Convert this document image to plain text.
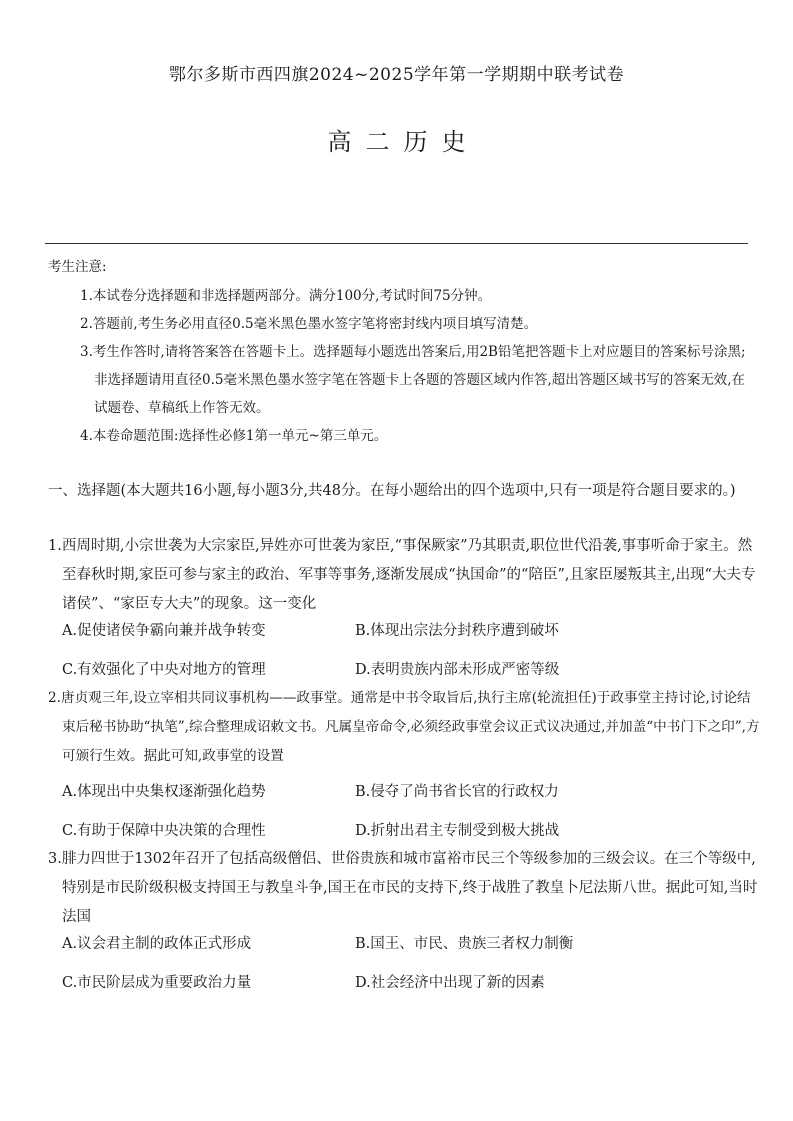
鄂尔多斯市西四旗2024~2025学年第一学期期中联考试卷
高二历史
考生注意:

1.本试卷分选择题和非选择题两部分。满分100分,考试时间75分钟。

2.答题前,考生务必用直径0.5毫米黑色墨水签字笔将密封线内项目填写清楚。

3.考生作答时,请将答案答在答题卡上。选择题每小题选出答案后,用2B铅笔把答题卡上对应题目的答案标号涂黑;非选择题请用直径0.5毫米黑色墨水签字笔在答题卡上各题的答题区域内作答,超出答题区域书写的答案无效,在试题卷、草稿纸上作答无效。

4.本卷命题范围:选择性必修1第一单元~第三单元。

一、选择题(本大题共16小题,每小题3分,共48分。在每小题给出的四个选项中,只有一项是符合题目要求的。)

1.西周时期,小宗世袭为大宗家臣,异姓亦可世袭为家臣,“事保厥家”乃其职责,职位世代沿袭,事事听命于家主。然至春秋时期,家臣可参与家主的政治、军事等事务,逐渐发展成“执国命”的“陪臣”,且家臣屡叛其主,出现“大夫专诸侯”、“家臣专大夫”的现象。这一变化

A.促使诸侯争霸向兼并战争转变	B.体现出宗法分封秩序遭到破坏
C.有效强化了中央对地方的管理	D.表明贵族内部未形成严密等级

2.唐贞观三年,设立宰相共同议事机构——政事堂。通常是中书令取旨后,执行主席(轮流担任)于政事堂主持讨论,讨论结束后秘书协助“执笔”,综合整理成诏敕文书。凡属皇帝命令,必须经政事堂会议正式议决通过,并加盖“中书门下之印”,方可颁行生效。据此可知,政事堂的设置

A.体现出中央集权逐渐强化趋势	B.侵夺了尚书省长官的行政权力
C.有助于保障中央决策的合理性	D.折射出君主专制受到极大挑战

3.腓力四世于1302年召开了包括高级僧侣、世俗贵族和城市富裕市民三个等级参加的三级会议。在三个等级中,特别是市民阶级积极支持国王与教皇斗争,国王在市民的支持下,终于战胜了教皇卜尼法斯八世。据此可知,当时法国

A.议会君主制的政体正式形成	B.国王、市民、贵族三者权力制衡
C.市民阶层成为重要政治力量	D.社会经济中出现了新的因素
